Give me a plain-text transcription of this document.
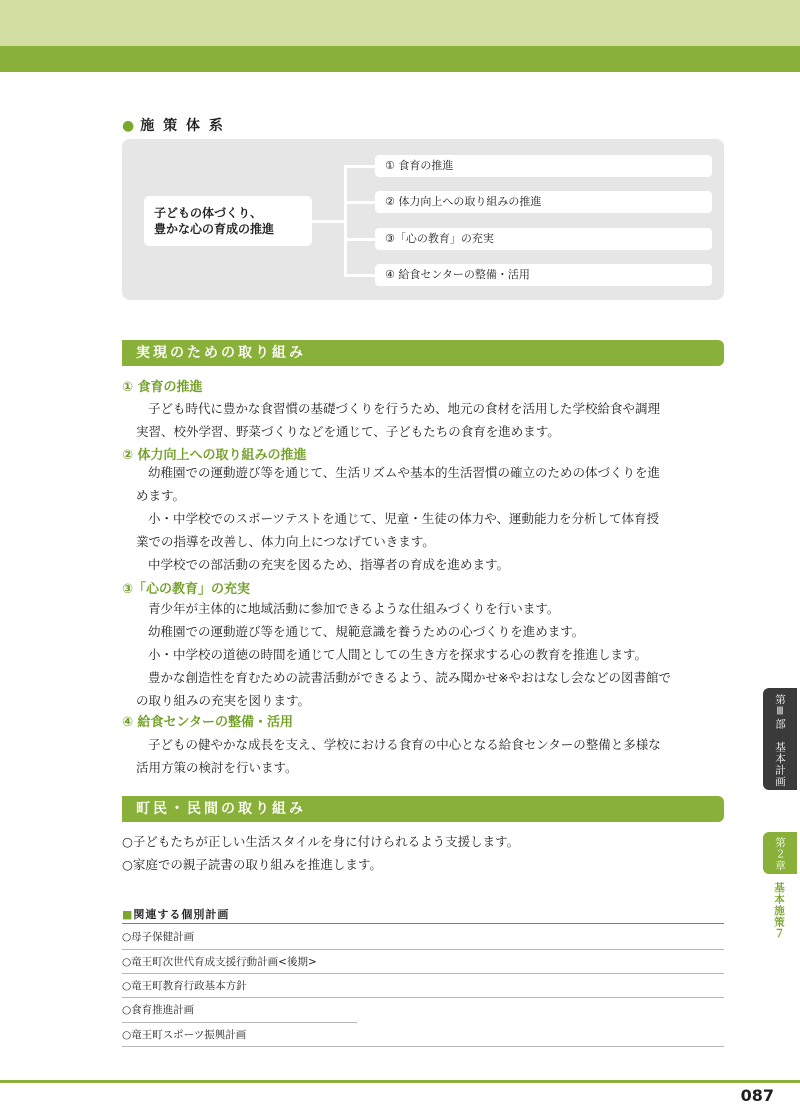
● 施 策 体 系
子どもの体づくり、
豊かな心の育成の推進
① 食育の推進
② 体力向上への取り組みの推進
③「心の教育」の充実
④ 給食センターの整備・活用
実現のための取り組み
① 食育の推進
子ども時代に豊かな食習慣の基礎づくりを行うため、地元の食材を活用した学校給食や調理
実習、校外学習、野菜づくりなどを通じて、子どもたちの食育を進めます。
② 体力向上への取り組みの推進
幼稚園での運動遊び等を通じて、生活リズムや基本的生活習慣の確立のための体づくりを進
めます。
小・中学校でのスポーツテストを通じて、児童・生徒の体力や、運動能力を分析して体育授
業での指導を改善し、体力向上につなげていきます。
中学校での部活動の充実を図るため、指導者の育成を進めます。
③「心の教育」の充実
青少年が主体的に地域活動に参加できるような仕組みづくりを行います。
幼稚園での運動遊び等を通じて、規範意識を養うための心づくりを進めます。
小・中学校の道徳の時間を通じて人間としての生き方を探求する心の教育を推進します。
豊かな創造性を育むための読書活動ができるよう、読み聞かせ※やおはなし会などの図書館で
の取り組みの充実を図ります。
④ 給食センターの整備・活用
子どもの健やかな成長を支え、学校における食育の中心となる給食センターの整備と多様な
活用方策の検討を行います。
町民・民間の取り組み
○子どもたちが正しい生活スタイルを身に付けられるよう支援します。
○家庭での親子読書の取り組みを推進します。
■関連する個別計画
○母子保健計画
○竜王町次世代育成支援行動計画<後期>
○竜王町教育行政基本方針
○食育推進計画
○竜王町スポーツ振興計画
第Ⅲ部　基本計画
第２章
基本施策７
087
